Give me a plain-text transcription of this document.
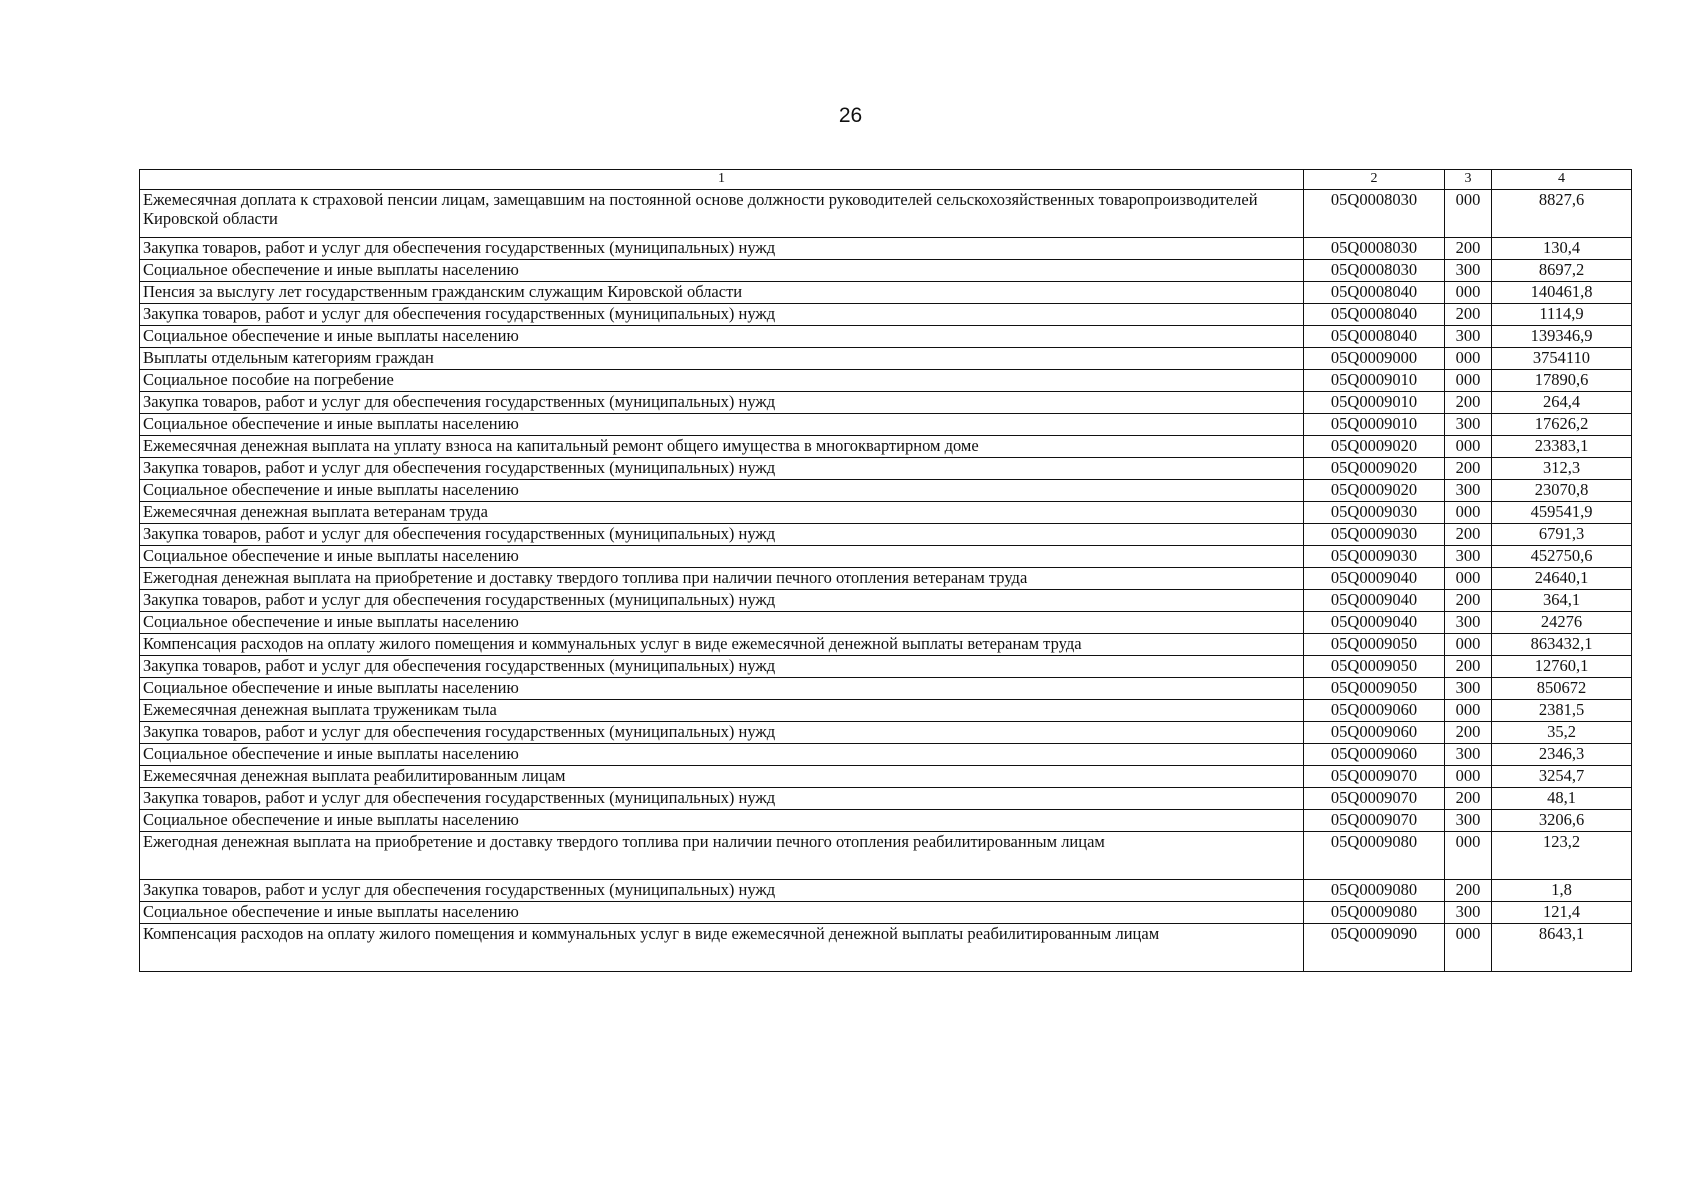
26
1	2	3	4
Ежемесячная доплата к страховой пенсии лицам, замещавшим на постоянной основе должности руководителей сельскохозяйственных товаропроизводителей Кировской области	05Q0008030	000	8827,6
Закупка товаров, работ и услуг для обеспечения государственных (муниципальных) нужд	05Q0008030	200	130,4
Социальное обеспечение и иные выплаты населению	05Q0008030	300	8697,2
Пенсия за выслугу лет государственным гражданским служащим Кировской области	05Q0008040	000	140461,8
Закупка товаров, работ и услуг для обеспечения государственных (муниципальных) нужд	05Q0008040	200	1114,9
Социальное обеспечение и иные выплаты населению	05Q0008040	300	139346,9
Выплаты отдельным категориям граждан	05Q0009000	000	3754110
Социальное пособие на погребение	05Q0009010	000	17890,6
Закупка товаров, работ и услуг для обеспечения государственных (муниципальных) нужд	05Q0009010	200	264,4
Социальное обеспечение и иные выплаты населению	05Q0009010	300	17626,2
Ежемесячная денежная выплата на уплату взноса на капитальный ремонт общего имущества в многоквартирном доме	05Q0009020	000	23383,1
Закупка товаров, работ и услуг для обеспечения государственных (муниципальных) нужд	05Q0009020	200	312,3
Социальное обеспечение и иные выплаты населению	05Q0009020	300	23070,8
Ежемесячная денежная выплата ветеранам труда	05Q0009030	000	459541,9
Закупка товаров, работ и услуг для обеспечения государственных (муниципальных) нужд	05Q0009030	200	6791,3
Социальное обеспечение и иные выплаты населению	05Q0009030	300	452750,6
Ежегодная денежная выплата на приобретение и доставку твердого топлива при наличии печного отопления ветеранам труда	05Q0009040	000	24640,1
Закупка товаров, работ и услуг для обеспечения государственных (муниципальных) нужд	05Q0009040	200	364,1
Социальное обеспечение и иные выплаты населению	05Q0009040	300	24276
Компенсация расходов на оплату жилого помещения и коммунальных услуг в виде ежемесячной денежной выплаты ветеранам труда	05Q0009050	000	863432,1
Закупка товаров, работ и услуг для обеспечения государственных (муниципальных) нужд	05Q0009050	200	12760,1
Социальное обеспечение и иные выплаты населению	05Q0009050	300	850672
Ежемесячная денежная выплата труженикам тыла	05Q0009060	000	2381,5
Закупка товаров, работ и услуг для обеспечения государственных (муниципальных) нужд	05Q0009060	200	35,2
Социальное обеспечение и иные выплаты населению	05Q0009060	300	2346,3
Ежемесячная денежная выплата реабилитированным лицам	05Q0009070	000	3254,7
Закупка товаров, работ и услуг для обеспечения государственных (муниципальных) нужд	05Q0009070	200	48,1
Социальное обеспечение и иные выплаты населению	05Q0009070	300	3206,6
Ежегодная денежная выплата на приобретение и доставку твердого топлива при наличии печного отопления реабилитированным лицам	05Q0009080	000	123,2
Закупка товаров, работ и услуг для обеспечения государственных (муниципальных) нужд	05Q0009080	200	1,8
Социальное обеспечение и иные выплаты населению	05Q0009080	300	121,4
Компенсация расходов на оплату жилого помещения и коммунальных услуг в виде ежемесячной денежной выплаты реабилитированным лицам	05Q0009090	000	8643,1
